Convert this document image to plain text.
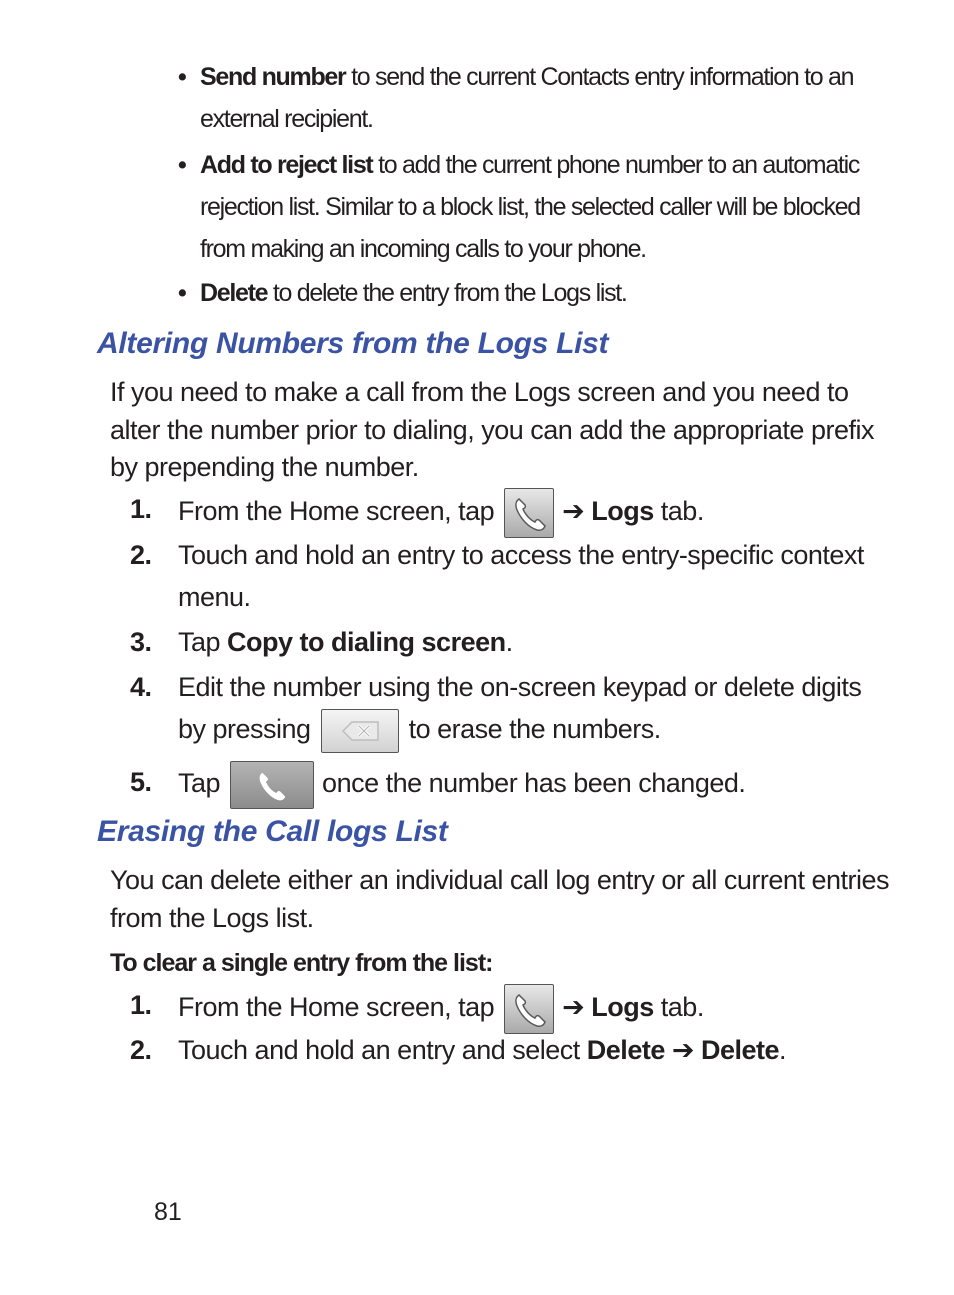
• Send number to send the current Contacts entry information to an external recipient.
• Add to reject list to add the current phone number to an automatic rejection list. Similar to a block list, the selected caller will be blocked from making an incoming calls to your phone.
• Delete to delete the entry from the Logs list.
Altering Numbers from the Logs List
If you need to make a call from the Logs screen and you need to alter the number prior to dialing, you can add the appropriate prefix by prepending the number.
1. From the Home screen, tap	➔ Logs tab.
2. Touch and hold an entry to access the entry-specific context menu.
3. Tap Copy to dialing screen.
4. Edit the number using the on-screen keypad or delete digits by pressing	to erase the numbers.
5. Tap	once the number has been changed.
Erasing the Call logs List
You can delete either an individual call log entry or all current entries from the Logs list.
To clear a single entry from the list:
1. From the Home screen, tap	➔ Logs tab.
2. Touch and hold an entry and select Delete ➔ Delete.
81
